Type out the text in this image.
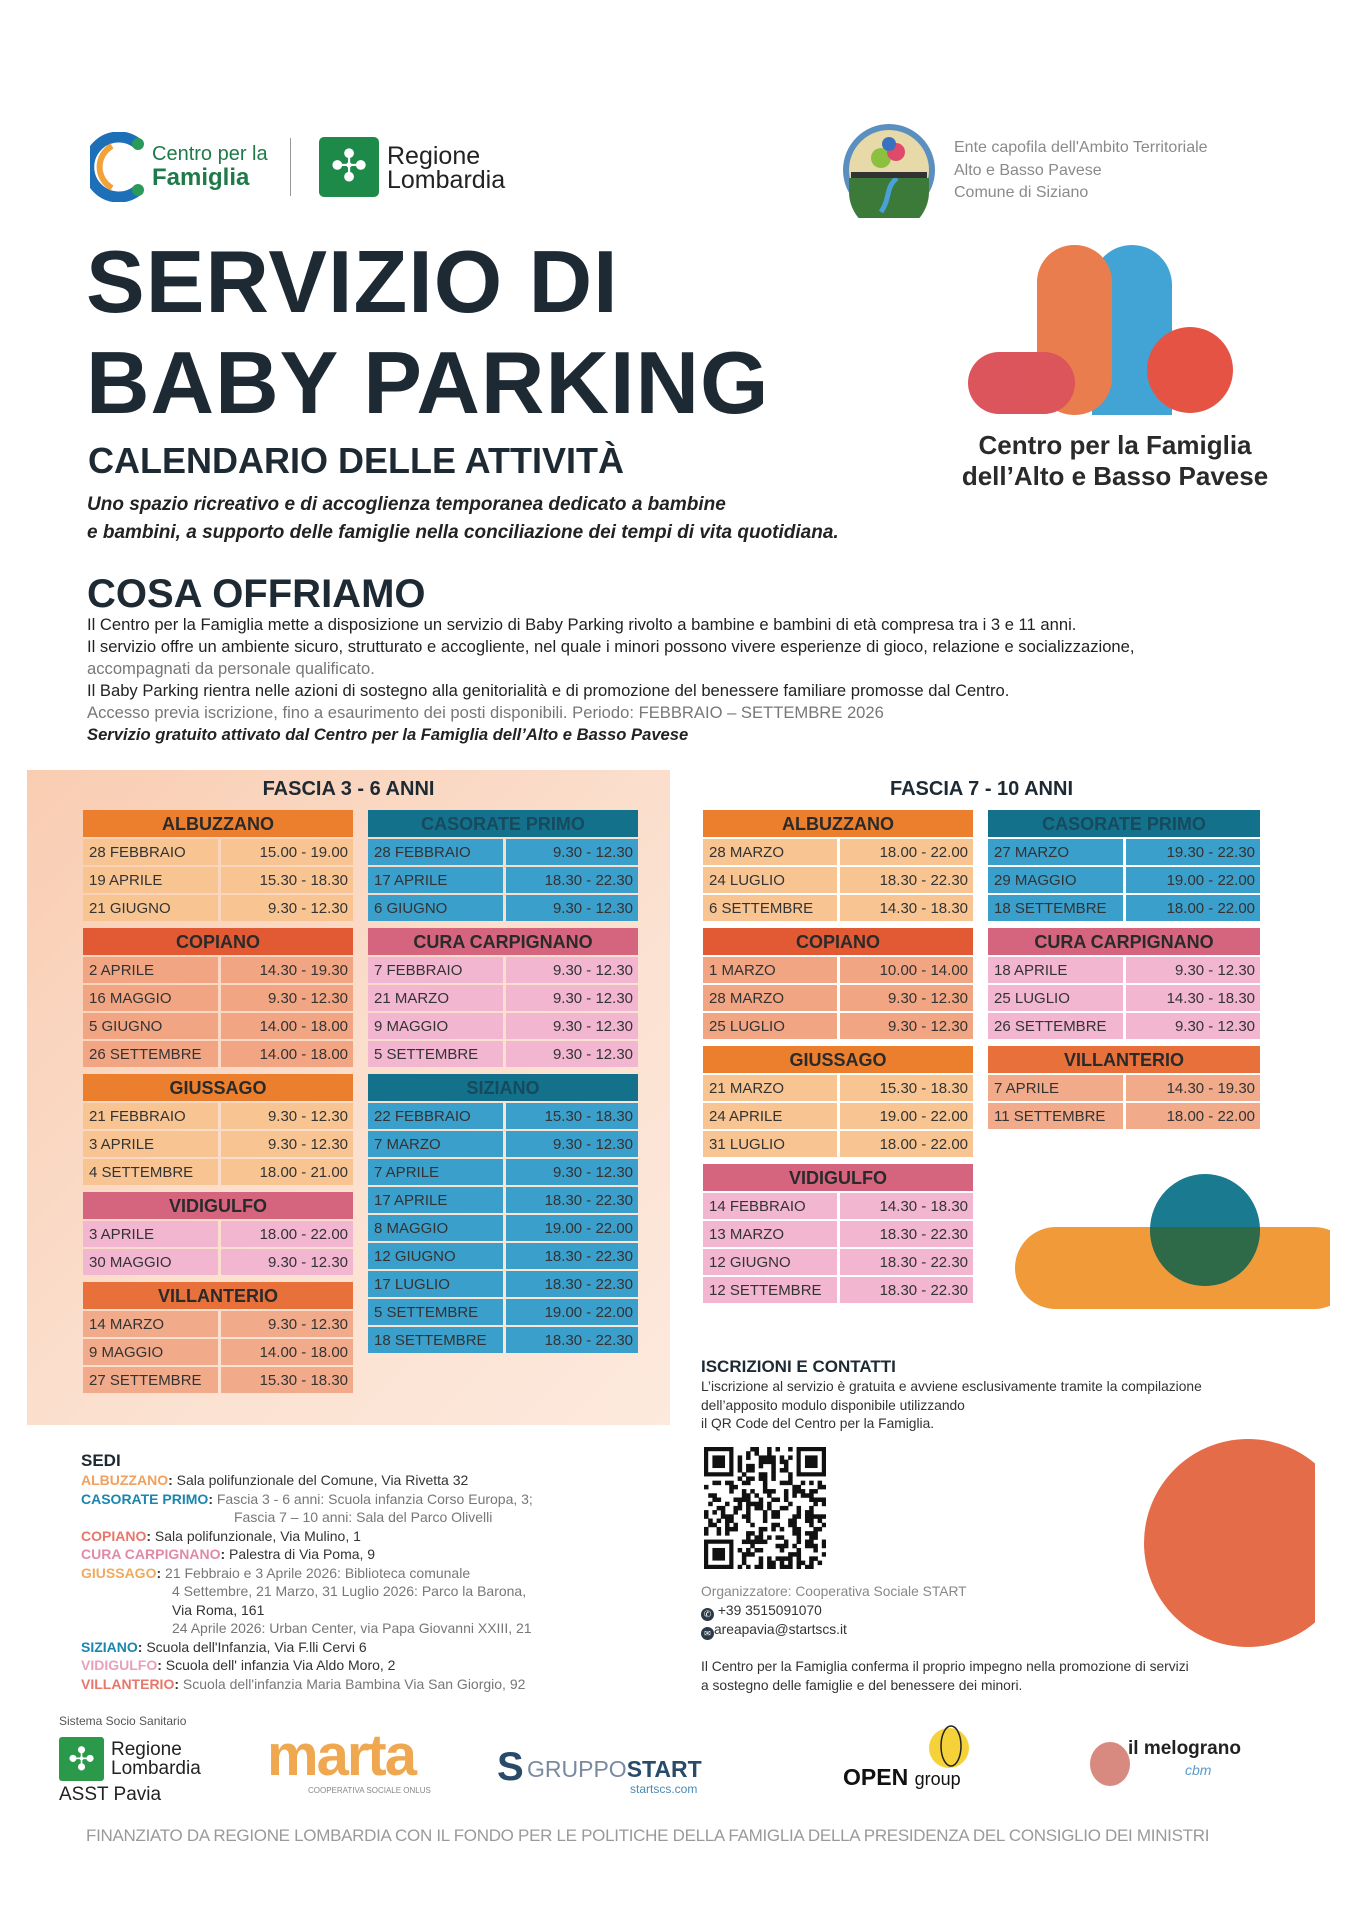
Centro per la
Famiglia	✣ Regione
Lombardia
Ente capofila dell'Ambito Territoriale
Alto e Basso Pavese
Comune di Siziano
SERVIZIO DI
BABY PARKING
CALENDARIO DELLE ATTIVITÀ
Uno spazio ricreativo e di accoglienza temporanea dedicato a bambine
e bambini, a supporto delle famiglie nella conciliazione dei tempi di vita quotidiana.
Centro per la Famiglia
dell’Alto e Basso Pavese
COSA OFFRIAMO
Il Centro per la Famiglia mette a disposizione un servizio di Baby Parking rivolto a bambine e bambini di età compresa tra i 3 e 11 anni.
Il servizio offre un ambiente sicuro, strutturato e accogliente, nel quale i minori possono vivere esperienze di gioco, relazione e socializzazione,
accompagnati da personale qualificato.
Il Baby Parking rientra nelle azioni di sostegno alla genitorialità e di promozione del benessere familiare promosse dal Centro.
Accesso previa iscrizione, fino a esaurimento dei posti disponibili. Periodo: FEBBRAIO – SETTEMBRE 2026
Servizio gratuito attivato dal Centro per la Famiglia dell’Alto e Basso Pavese
FASCIA 3 - 6 ANNI
ALBUZZANO
28 FEBBRAIO	15.00 - 19.00
19 APRILE	15.30 - 18.30
21 GIUGNO	9.30 - 12.30
COPIANO
2 APRILE	14.30 - 19.30
16 MAGGIO	9.30 - 12.30
5 GIUGNO	14.00 - 18.00
26 SETTEMBRE	14.00 - 18.00
GIUSSAGO
21 FEBBRAIO	9.30 - 12.30
3 APRILE	9.30 - 12.30
4 SETTEMBRE	18.00 - 21.00
VIDIGULFO
3 APRILE	18.00 - 22.00
30 MAGGIO	9.30 - 12.30
VILLANTERIO
14 MARZO	9.30 - 12.30
9 MAGGIO	14.00 - 18.00
27 SETTEMBRE	15.30 - 18.30
CASORATE PRIMO
28 FEBBRAIO	9.30 - 12.30
17 APRILE	18.30 - 22.30
6 GIUGNO	9.30 - 12.30
CURA CARPIGNANO
7 FEBBRAIO	9.30 - 12.30
21 MARZO	9.30 - 12.30
9 MAGGIO	9.30 - 12.30
5 SETTEMBRE	9.30 - 12.30
SIZIANO
22 FEBBRAIO	15.30 - 18.30
7 MARZO	9.30 - 12.30
7 APRILE	9.30 - 12.30
17 APRILE	18.30 - 22.30
8 MAGGIO	19.00 - 22.00
12 GIUGNO	18.30 - 22.30
17 LUGLIO	18.30 - 22.30
5 SETTEMBRE	19.00 - 22.00
18 SETTEMBRE	18.30 - 22.30
FASCIA 7 - 10 ANNI
ALBUZZANO
28 MARZO	18.00 - 22.00
24 LUGLIO	18.30 - 22.30
6 SETTEMBRE	14.30 - 18.30
COPIANO
1 MARZO	10.00 - 14.00
28 MARZO	9.30 - 12.30
25 LUGLIO	9.30 - 12.30
GIUSSAGO
21 MARZO	15.30 - 18.30
24 APRILE	19.00 - 22.00
31 LUGLIO	18.00 - 22.00
VIDIGULFO
14 FEBBRAIO	14.30 - 18.30
13 MARZO	18.30 - 22.30
12 GIUGNO	18.30 - 22.30
12 SETTEMBRE	18.30 - 22.30
CASORATE PRIMO
27 MARZO	19.30 - 22.30
29 MAGGIO	19.00 - 22.00
18 SETTEMBRE	18.00 - 22.00
CURA CARPIGNANO
18 APRILE	9.30 - 12.30
25 LUGLIO	14.30 - 18.30
26 SETTEMBRE	9.30 - 12.30
VILLANTERIO
7 APRILE	14.30 - 19.30
11 SETTEMBRE	18.00 - 22.00
ISCRIZIONI E CONTATTI
L’iscrizione al servizio è gratuita e avviene esclusivamente tramite la compilazione
dell’apposito modulo disponibile utilizzando
il QR Code del Centro per la Famiglia.
Organizzatore: Cooperativa Sociale START
✆ +39 3515091070
✉ areapavia@startscs.it
Il Centro per la Famiglia conferma il proprio impegno nella promozione di servizi
a sostegno delle famiglie e del benessere dei minori.
SEDI
ALBUZZANO: Sala polifunzionale del Comune, Via Rivetta 32
CASORATE PRIMO: Fascia 3 - 6 anni: Scuola infanzia Corso Europa, 3;
Fascia 7 – 10 anni: Sala del Parco Olivelli
COPIANO: Sala polifunzionale, Via Mulino, 1
CURA CARPIGNANO: Palestra di Via Poma, 9
GIUSSAGO: 21 Febbraio e 3 Aprile 2026: Biblioteca comunale
4 Settembre, 21 Marzo, 31 Luglio 2026: Parco la Barona,
Via Roma, 161
24 Aprile 2026: Urban Center, via Papa Giovanni XXIII, 21
SIZIANO: Scuola dell'Infanzia, Via F.lli Cervi 6
VIDIGULFO: Scuola dell' infanzia Via Aldo Moro, 2
VILLANTERIO: Scuola dell'infanzia Maria Bambina Via San Giorgio, 92
Sistema Socio Sanitario
✣ Regione
Lombardia
ASST Pavia
marta
COOPERATIVA SOCIALE ONLUS
S GRUPPOSTART
startscs.com	OPEN group
il melograno
cbm
FINANZIATO DA REGIONE LOMBARDIA CON IL FONDO PER LE POLITICHE DELLA FAMIGLIA DELLA PRESIDENZA DEL CONSIGLIO DEI MINISTRI
